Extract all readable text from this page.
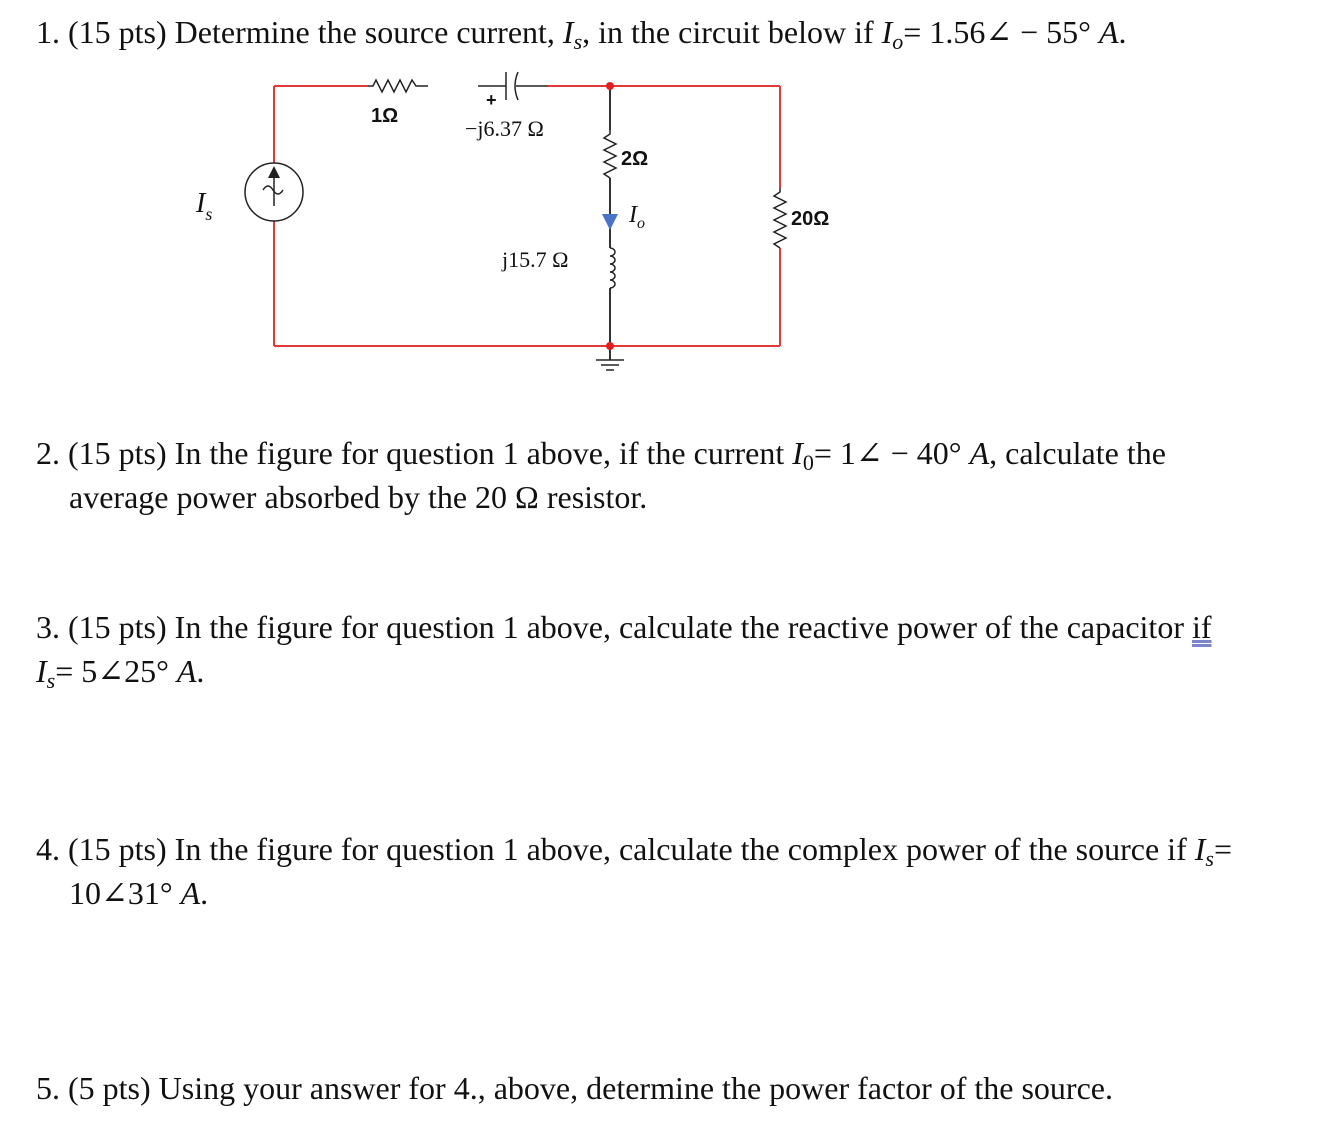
1. (15 pts) Determine the source current, $I_s$, in the circuit below if $I_o=$ 1.56∠ − 55° A.
1Ω
+
−j6.37 Ω
2Ω
$I_o$
j15.7 Ω
20Ω
$I_s$
2. (15 pts) In the figure for question 1 above, if the current $I_0=$ 1∠ − 40° A, calculate the
average power absorbed by the 20 Ω resistor.
3. (15 pts) In the figure for question 1 above, calculate the reactive power of the capacitor if
$I_s=$ 5∠25° A.
4. (15 pts) In the figure for question 1 above, calculate the complex power of the source if $I_s=$
10∠31° A.
5. (5 pts) Using your answer for 4., above, determine the power factor of the source.
